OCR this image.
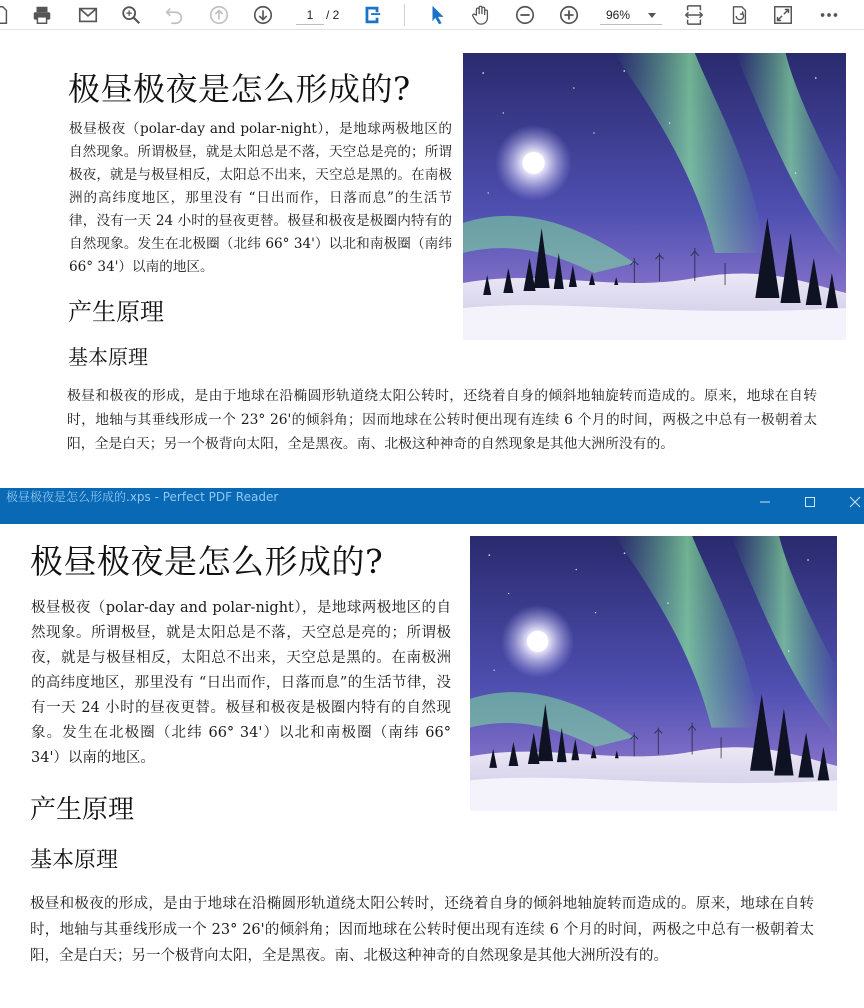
1	/ 2	96%
极昼极夜是怎么形成的?
极昼极夜（polar-day and polar-night），是地球两极地区的自然现象。所谓极昼，就是太阳总是不落，天空总是亮的；所谓极夜，就是与极昼相反，太阳总不出来，天空总是黑的。在南极洲的高纬度地区，那里没有 “日出而作，日落而息”的生活节律，没有一天 24 小时的昼夜更替。极昼和极夜是极圈内特有的自然现象。发生在北极圈（北纬 66° 34'）以北和南极圈（南纬 66° 34'）以南的地区。
产生原理
基本原理
极昼和极夜的形成，是由于地球在沿椭圆形轨道绕太阳公转时，还绕着自身的倾斜地轴旋转而造成的。原来，地球在自转时，地轴与其垂线形成一个 23° 26'的倾斜角；因而地球在公转时便出现有连续 6 个月的时间，两极之中总有一极朝着太阳，全是白天；另一个极背向太阳，全是黑夜。南、北极这种神奇的自然现象是其他大洲所没有的。
极昼极夜是怎么形成的.xps - Perfect PDF Reader
极昼极夜是怎么形成的?
极昼极夜（polar-day and polar-night），是地球两极地区的自然现象。所谓极昼，就是太阳总是不落，天空总是亮的；所谓极夜，就是与极昼相反，太阳总不出来，天空总是黑的。在南极洲的高纬度地区，那里没有 “日出而作，日落而息”的生活节律，没有一天 24 小时的昼夜更替。极昼和极夜是极圈内特有的自然现象。发生在北极圈（北纬 66° 34'）以北和南极圈（南纬 66° 34'）以南的地区。
产生原理
基本原理
极昼和极夜的形成，是由于地球在沿椭圆形轨道绕太阳公转时，还绕着自身的倾斜地轴旋转而造成的。原来，地球在自转时，地轴与其垂线形成一个 23° 26'的倾斜角；因而地球在公转时便出现有连续 6 个月的时间，两极之中总有一极朝着太阳，全是白天；另一个极背向太阳，全是黑夜。南、北极这种神奇的自然现象是其他大洲所没有的。
